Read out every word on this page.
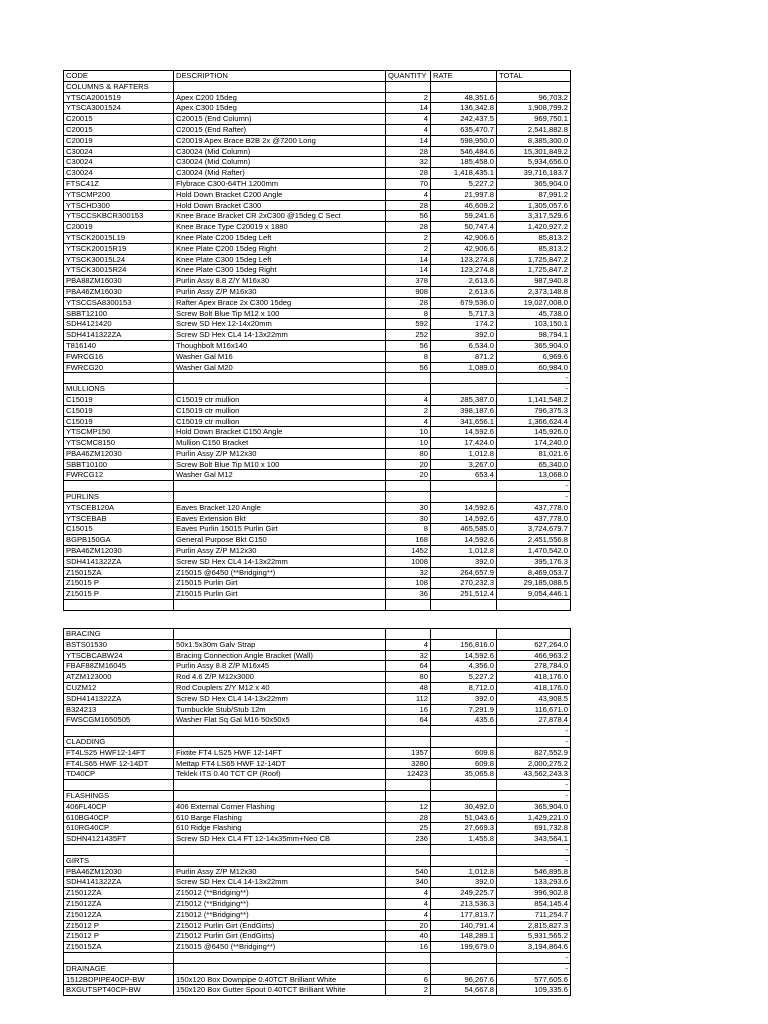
CODE	DESCRIPTION	QUANTITY	RATE	TOTAL
COLUMNS & RAFTERS				
YTSCA2001519	Apex C200 15deg	2	48,351.6	96,703.2
YTSCA3001524	Apex C300 15deg	14	136,342.8	1,908,799.2
C20015	C20015 (End Column)	4	242,437.5	969,750.1
C20015	C20015 (End Rafter)	4	635,470.7	2,541,882.8
C20019	C20019 Apex Brace B2B 2x @7200 Long	14	598,950.0	8,385,300.0
C30024	C30024 (Mid Column)	28	546,484.6	15,301,849.2
C30024	C30024 (Mid Column)	32	185,458.0	5,934,656.0
C30024	C30024 (Mid Rafter)	28	1,418,435.1	39,716,183.7
FTSC41Z	Flybrace C300-64TH 1200mm	70	5,227.2	365,904.0
YTSCMP200	Hold Down Bracket C200 Angle	4	21,997.8	87,991.2
YTSCHD300	Hold Down Bracket C300	28	46,609.2	1,305,057.6
YTSCCSKBCR300153	Knee Brace Bracket CR 2xC300 @15deg C Sect	56	59,241.6	3,317,529.6
C20019	Knee Brace Type C20019 x 1880	28	50,747.4	1,420,927.2
YTSCK20015L19	Knee Plate C200 15deg Left	2	42,906.6	85,813.2
YTSCK20015R19	Knee Plate C200 15deg Right	2	42,906.6	85,813.2
YTSCK30015L24	Knee Plate C300 15deg Left	14	123,274.8	1,725,847.2
YTSCK30015R24	Knee Plate C300 15deg Right	14	123,274.8	1,725,847.2
PBA88ZM16030	Purlin Assy 8.8 Z/Y M16x30	378	2,613.6	987,940.8
PBA46ZM16030	Purlin Assy Z/P M16x30	908	2,613.6	2,373,148.8
YTSCCSA8300153	Rafter Apex Brace 2x C300 15deg	28	679,536.0	19,027,008.0
SBBT12100	Screw Bolt Blue Tip M12 x 100	8	5,717.3	45,738.0
SDH4121420	Screw SD Hex 12-14x20mm	592	174.2	103,150.1
SDH4141322ZA	Screw SD Hex CL4 14-13x22mm	252	392.0	98,794.1
T816140	Thoughbolt M16x140	56	6,534.0	365,904.0
FWRCG16	Washer Gal M16	8	871.2	6,969.6
FWRCG20	Washer Gal M20	56	1,089.0	60,984.0
				-
MULLIONS				-
C15019	C15019 ctr mullion	4	285,387.0	1,141,548.2
C15019	C15019 ctr mullion	2	398,187.6	796,375.3
C15019	C15019 ctr mullion	4	341,656.1	1,366,624.4
YTSCMP150	Hold Down Bracket C150 Angle	10	14,592.6	145,926.0
YTSCMC8150	Mullion C150 Bracket	10	17,424.0	174,240.0
PBA46ZM12030	Purlin Assy Z/P M12x30	80	1,012.8	81,021.6
SBBT10100	Screw Bolt Blue Tip M10 x 100	20	3,267.0	65,340.0
FWRCG12	Washer Gal M12	20	653.4	13,068.0
				-
PURLINS				-
YTSCEB120A	Eaves Bracket 120 Angle	30	14,592.6	437,778.0
YTSCEBAB	Eaves Extension Bkt	30	14,592.6	437,778.0
C15015	Eaves Purlin 15015 Purlin Girt	8	465,585.0	3,724,679.7
BGPB150GA	General Purpose Bkt C150	168	14,592.6	2,451,556.8
PBA46ZM12030	Purlin Assy Z/P M12x30	1452	1,012.8	1,470,542.0
SDH4141322ZA	Screw SD Hex CL4 14-13x22mm	1008	392.0	395,176.3
Z15015ZA	Z15015 @6450 (**Bridging**)	32	264,657.9	8,469,053.7
Z15015 P	Z15015 Purlin Girt	108	270,232.3	29,185,088.5
Z15015 P	Z15015 Purlin Girt	36	251,512.4	9,054,446.1

BRACING				
BSTS01530	50x1.5x30m Galv Strap	4	156,816.0	627,264.0
YTSCBCABW24	Bracing Connection Angle Bracket (Wall)	32	14,592.6	466,963.2
FBAF88ZM16045	Purlin Assy 8.8 Z/P M16x45	64	4,356.0	278,784.0
ATZM123000	Rod 4.6 Z/P M12x3000	80	5,227.2	418,176.0
CUZM12	Rod Couplers Z/Y M12 x 40	48	8,712.0	418,176.0
SDH4141322ZA	Screw SD Hex CL4 14-13x22mm	112	392.0	43,908.5
B324213	Turnbuckle Stub/Stub 12m	16	7,291.9	116,671.0
FWSCGM1650505	Washer Flat Sq Gal M16 50x50x5	64	435.6	27,878.4
				-
CLADDING				-
FT4LS25 HWF12-14FT	Fixtite FT4 LS25 HWF 12-14FT	1357	609.8	827,552.9
FT4LS65 HWF 12-14DT	Mettap FT4 LS65 HWF 12-14DT	3280	609.8	2,000,275.2
TD40CP	Teklek ITS 0.40 TCT CP (Roof)	12423	35,065.8	43,562,243.3
				-
FLASHINGS				-
406FL40CP	406 External Corner Flashing	12	30,492.0	365,904.0
610BG40CP	610 Barge Flashing	28	51,043.6	1,429,221.0
610RG40CP	610 Ridge Flashing	25	27,669.3	691,732.8
SDHN4121435FT	Screw SD Hex CL4 FT 12-14x35mm+Neo CB	236	1,455.8	343,564.1
				-
GIRTS				-
PBA46ZM12030	Purlin Assy Z/P M12x30	540	1,012.8	546,895.8
SDH4141322ZA	Screw SD Hex CL4 14-13x22mm	340	392.0	133,293.6
Z15012ZA	Z15012 (**Bridging**)	4	249,225.7	996,902.8
Z15012ZA	Z15012 (**Bridging**)	4	213,536.3	854,145.4
Z15012ZA	Z15012 (**Bridging**)	4	177,813.7	711,254.7
Z15012 P	Z15012 Purlin Girt (EndGirts)	20	140,791.4	2,815,827.3
Z15012 P	Z15012 Purlin Girt (EndGirts)	40	148,289.1	5,931,565.2
Z15015ZA	Z15015 @6450 (**Bridging**)	16	199,679.0	3,194,864.6
				-
DRAINAGE				-
1512BDPIPE40CP-BW	150x120 Box Downpipe 0.40TCT Brilliant White	6	96,267.6	577,605.6
BXGUTSPT40CP-BW	150x120 Box Gutter Spout 0.40TCT Brilliant White	2	54,667.8	109,335.6
